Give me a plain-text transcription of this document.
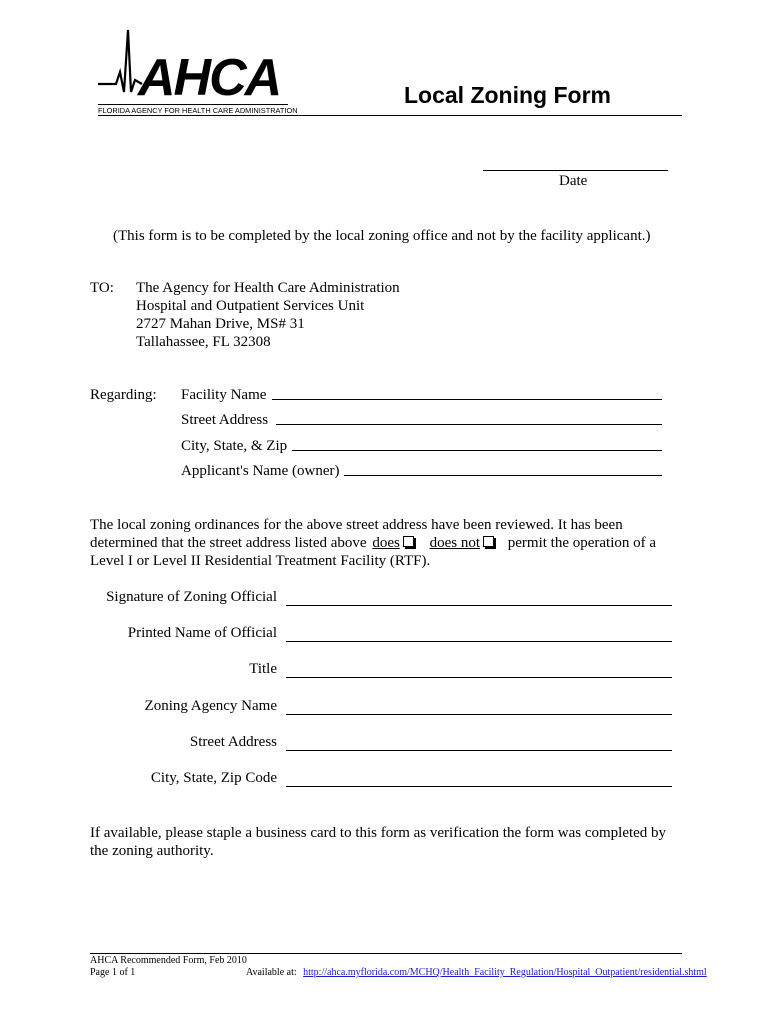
AHCA
FLORIDA AGENCY FOR HEALTH CARE ADMINISTRATION
Local Zoning Form
Date
(This form is to be completed by the local zoning office and not by the facility applicant.)
TO: The Agency for Health Care Administration
Hospital and Outpatient Services Unit
2727 Mahan Drive, MS# 31
Tallahassee, FL 32308
Regarding: Facility Name
Street Address
City, State, & Zip
Applicant's Name (owner)
The local zoning ordinances for the above street address have been reviewed. It has been
determined that the street address listed above does does not permit the operation of a
Level I or Level II Residential Treatment Facility (RTF).
Signature of Zoning Official
Printed Name of Official
Title
Zoning Agency Name
Street Address
City, State, Zip Code
If available, please staple a business card to this form as verification the form was completed by
the zoning authority.
AHCA Recommended Form, Feb 2010
Page 1 of 1	Available at: http://ahca.myflorida.com/MCHQ/Health_Facility_Regulation/Hospital_Outpatient/residential.shtml
